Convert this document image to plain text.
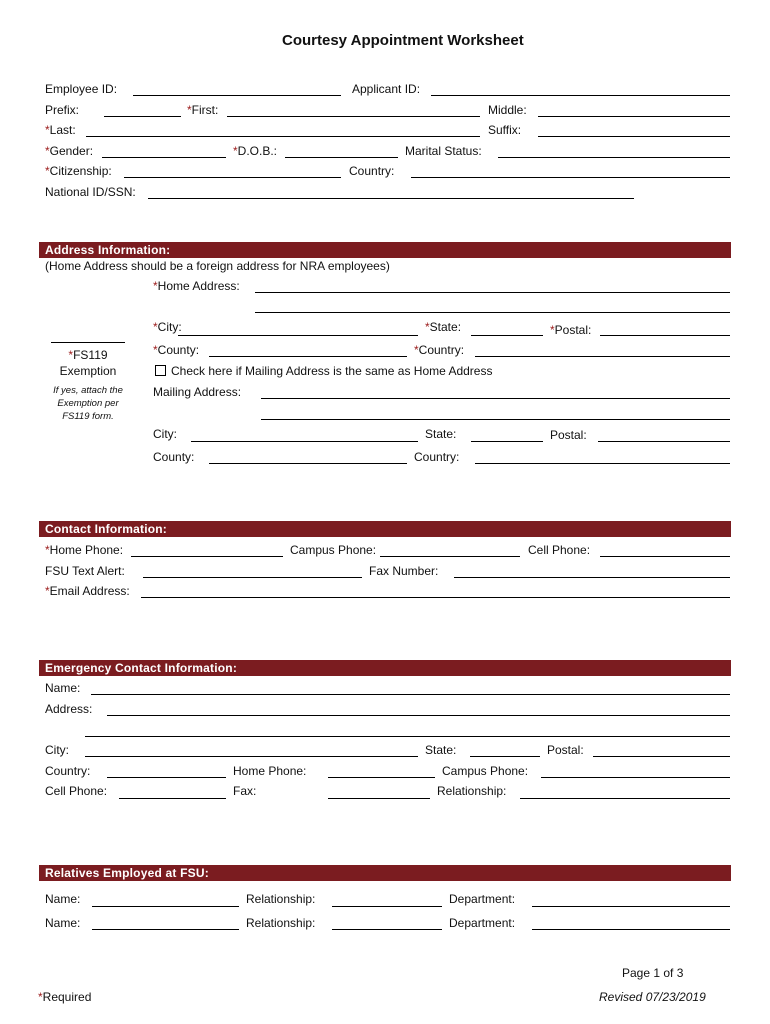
Courtesy Appointment Worksheet
Employee ID:	Applicant ID:
Prefix:	*First:	Middle:
*Last:	Suffix:
*Gender:	*D.O.B.:	Marital Status:
*Citizenship:	Country:
National ID/SSN:
Address Information:
(Home Address should be a foreign address for NRA employees)
*Home Address:
*City:	*State:	*Postal:
*FS119
Exemption
If yes, attach the Exemption per FS119 form.
*County:	*Country:
Check here if Mailing Address is the same as Home Address
Mailing Address:
City:	State:	Postal:
County:	Country:
Contact Information:
*Home Phone:	Campus Phone:	Cell Phone:
FSU Text Alert:	Fax Number:
*Email Address:
Emergency Contact Information:
Name:
Address:
City:	State:	Postal:
Country:	Home Phone:	Campus Phone:
Cell Phone:	Fax:	Relationship:
Relatives Employed at FSU:
Name:	Relationship:	Department:
Name:	Relationship:	Department:
Page 1 of 3
*Required	Revised 07/23/2019
